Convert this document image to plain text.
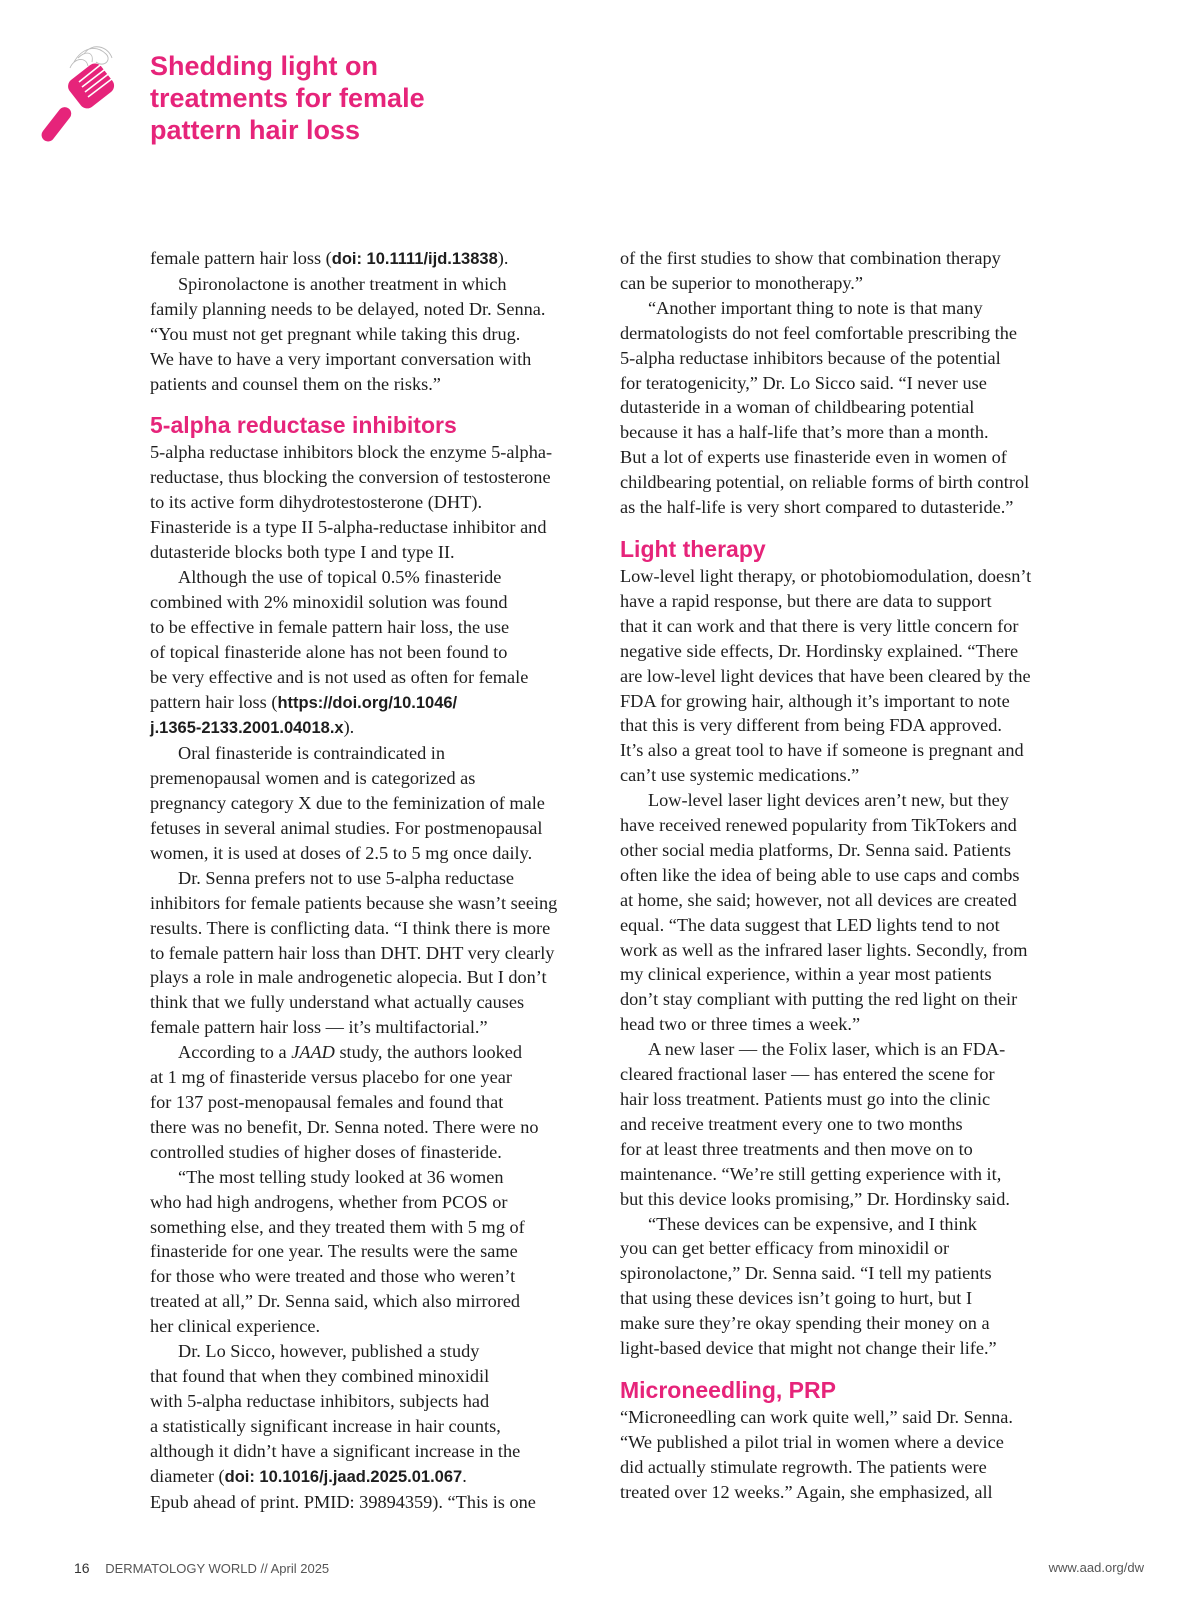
Shedding light on
treatments for female
pattern hair loss

female pattern hair loss (doi: 10.1111/ijd.13838).

Spironolactone is another treatment in which

family planning needs to be delayed, noted Dr. Senna.

“You must not get pregnant while taking this drug.

We have to have a very important conversation with

patients and counsel them on the risks.”

5-alpha reductase inhibitors

5-alpha reductase inhibitors block the enzyme 5-alpha-

reductase, thus blocking the conversion of testosterone

to its active form dihydrotestosterone (DHT).

Finasteride is a type II 5-alpha-reductase inhibitor and

dutasteride blocks both type I and type II.

Although the use of topical 0.5% finasteride

combined with 2% minoxidil solution was found

to be effective in female pattern hair loss, the use

of topical finasteride alone has not been found to

be very effective and is not used as often for female

pattern hair loss (https://doi.org/10.1046/

j.1365-2133.2001.04018.x).

Oral finasteride is contraindicated in

premenopausal women and is categorized as

pregnancy category X due to the feminization of male

fetuses in several animal studies. For postmenopausal

women, it is used at doses of 2.5 to 5 mg once daily.

Dr. Senna prefers not to use 5-alpha reductase

inhibitors for female patients because she wasn’t seeing

results. There is conflicting data. “I think there is more

to female pattern hair loss than DHT. DHT very clearly

plays a role in male androgenetic alopecia. But I don’t

think that we fully understand what actually causes

female pattern hair loss — it’s multifactorial.”

According to a JAAD study, the authors looked

at 1 mg of finasteride versus placebo for one year

for 137 post-menopausal females and found that

there was no benefit, Dr. Senna noted. There were no

controlled studies of higher doses of finasteride.

“The most telling study looked at 36 women

who had high androgens, whether from PCOS or

something else, and they treated them with 5 mg of

finasteride for one year. The results were the same

for those who were treated and those who weren’t

treated at all,” Dr. Senna said, which also mirrored

her clinical experience.

Dr. Lo Sicco, however, published a study

that found that when they combined minoxidil

with 5-alpha reductase inhibitors, subjects had

a statistically significant increase in hair counts,

although it didn’t have a significant increase in the

diameter (doi: 10.1016/j.jaad.2025.01.067.

Epub ahead of print. PMID: 39894359). “This is one

of the first studies to show that combination therapy

can be superior to monotherapy.”

“Another important thing to note is that many

dermatologists do not feel comfortable prescribing the

5-alpha reductase inhibitors because of the potential

for teratogenicity,” Dr. Lo Sicco said. “I never use

dutasteride in a woman of childbearing potential

because it has a half-life that’s more than a month.

But a lot of experts use finasteride even in women of

childbearing potential, on reliable forms of birth control

as the half-life is very short compared to dutasteride.”

Light therapy

Low-level light therapy, or photobiomodulation, doesn’t

have a rapid response, but there are data to support

that it can work and that there is very little concern for

negative side effects, Dr. Hordinsky explained. “There

are low-level light devices that have been cleared by the

FDA for growing hair, although it’s important to note

that this is very different from being FDA approved.

It’s also a great tool to have if someone is pregnant and

can’t use systemic medications.”

Low-level laser light devices aren’t new, but they

have received renewed popularity from TikTokers and

other social media platforms, Dr. Senna said. Patients

often like the idea of being able to use caps and combs

at home, she said; however, not all devices are created

equal. “The data suggest that LED lights tend to not

work as well as the infrared laser lights. Secondly, from

my clinical experience, within a year most patients

don’t stay compliant with putting the red light on their

head two or three times a week.”

A new laser — the Folix laser, which is an FDA-

cleared fractional laser — has entered the scene for

hair loss treatment. Patients must go into the clinic

and receive treatment every one to two months

for at least three treatments and then move on to

maintenance. “We’re still getting experience with it,

but this device looks promising,” Dr. Hordinsky said.

“These devices can be expensive, and I think

you can get better efficacy from minoxidil or

spironolactone,” Dr. Senna said. “I tell my patients

that using these devices isn’t going to hurt, but I

make sure they’re okay spending their money on a

light-based device that might not change their life.”

Microneedling, PRP

“Microneedling can work quite well,” said Dr. Senna.

“We published a pilot trial in women where a device

did actually stimulate regrowth. The patients were

treated over 12 weeks.” Again, she emphasized, all

16 DERMATOLOGY WORLD // April 2025	www.aad.org/dw
